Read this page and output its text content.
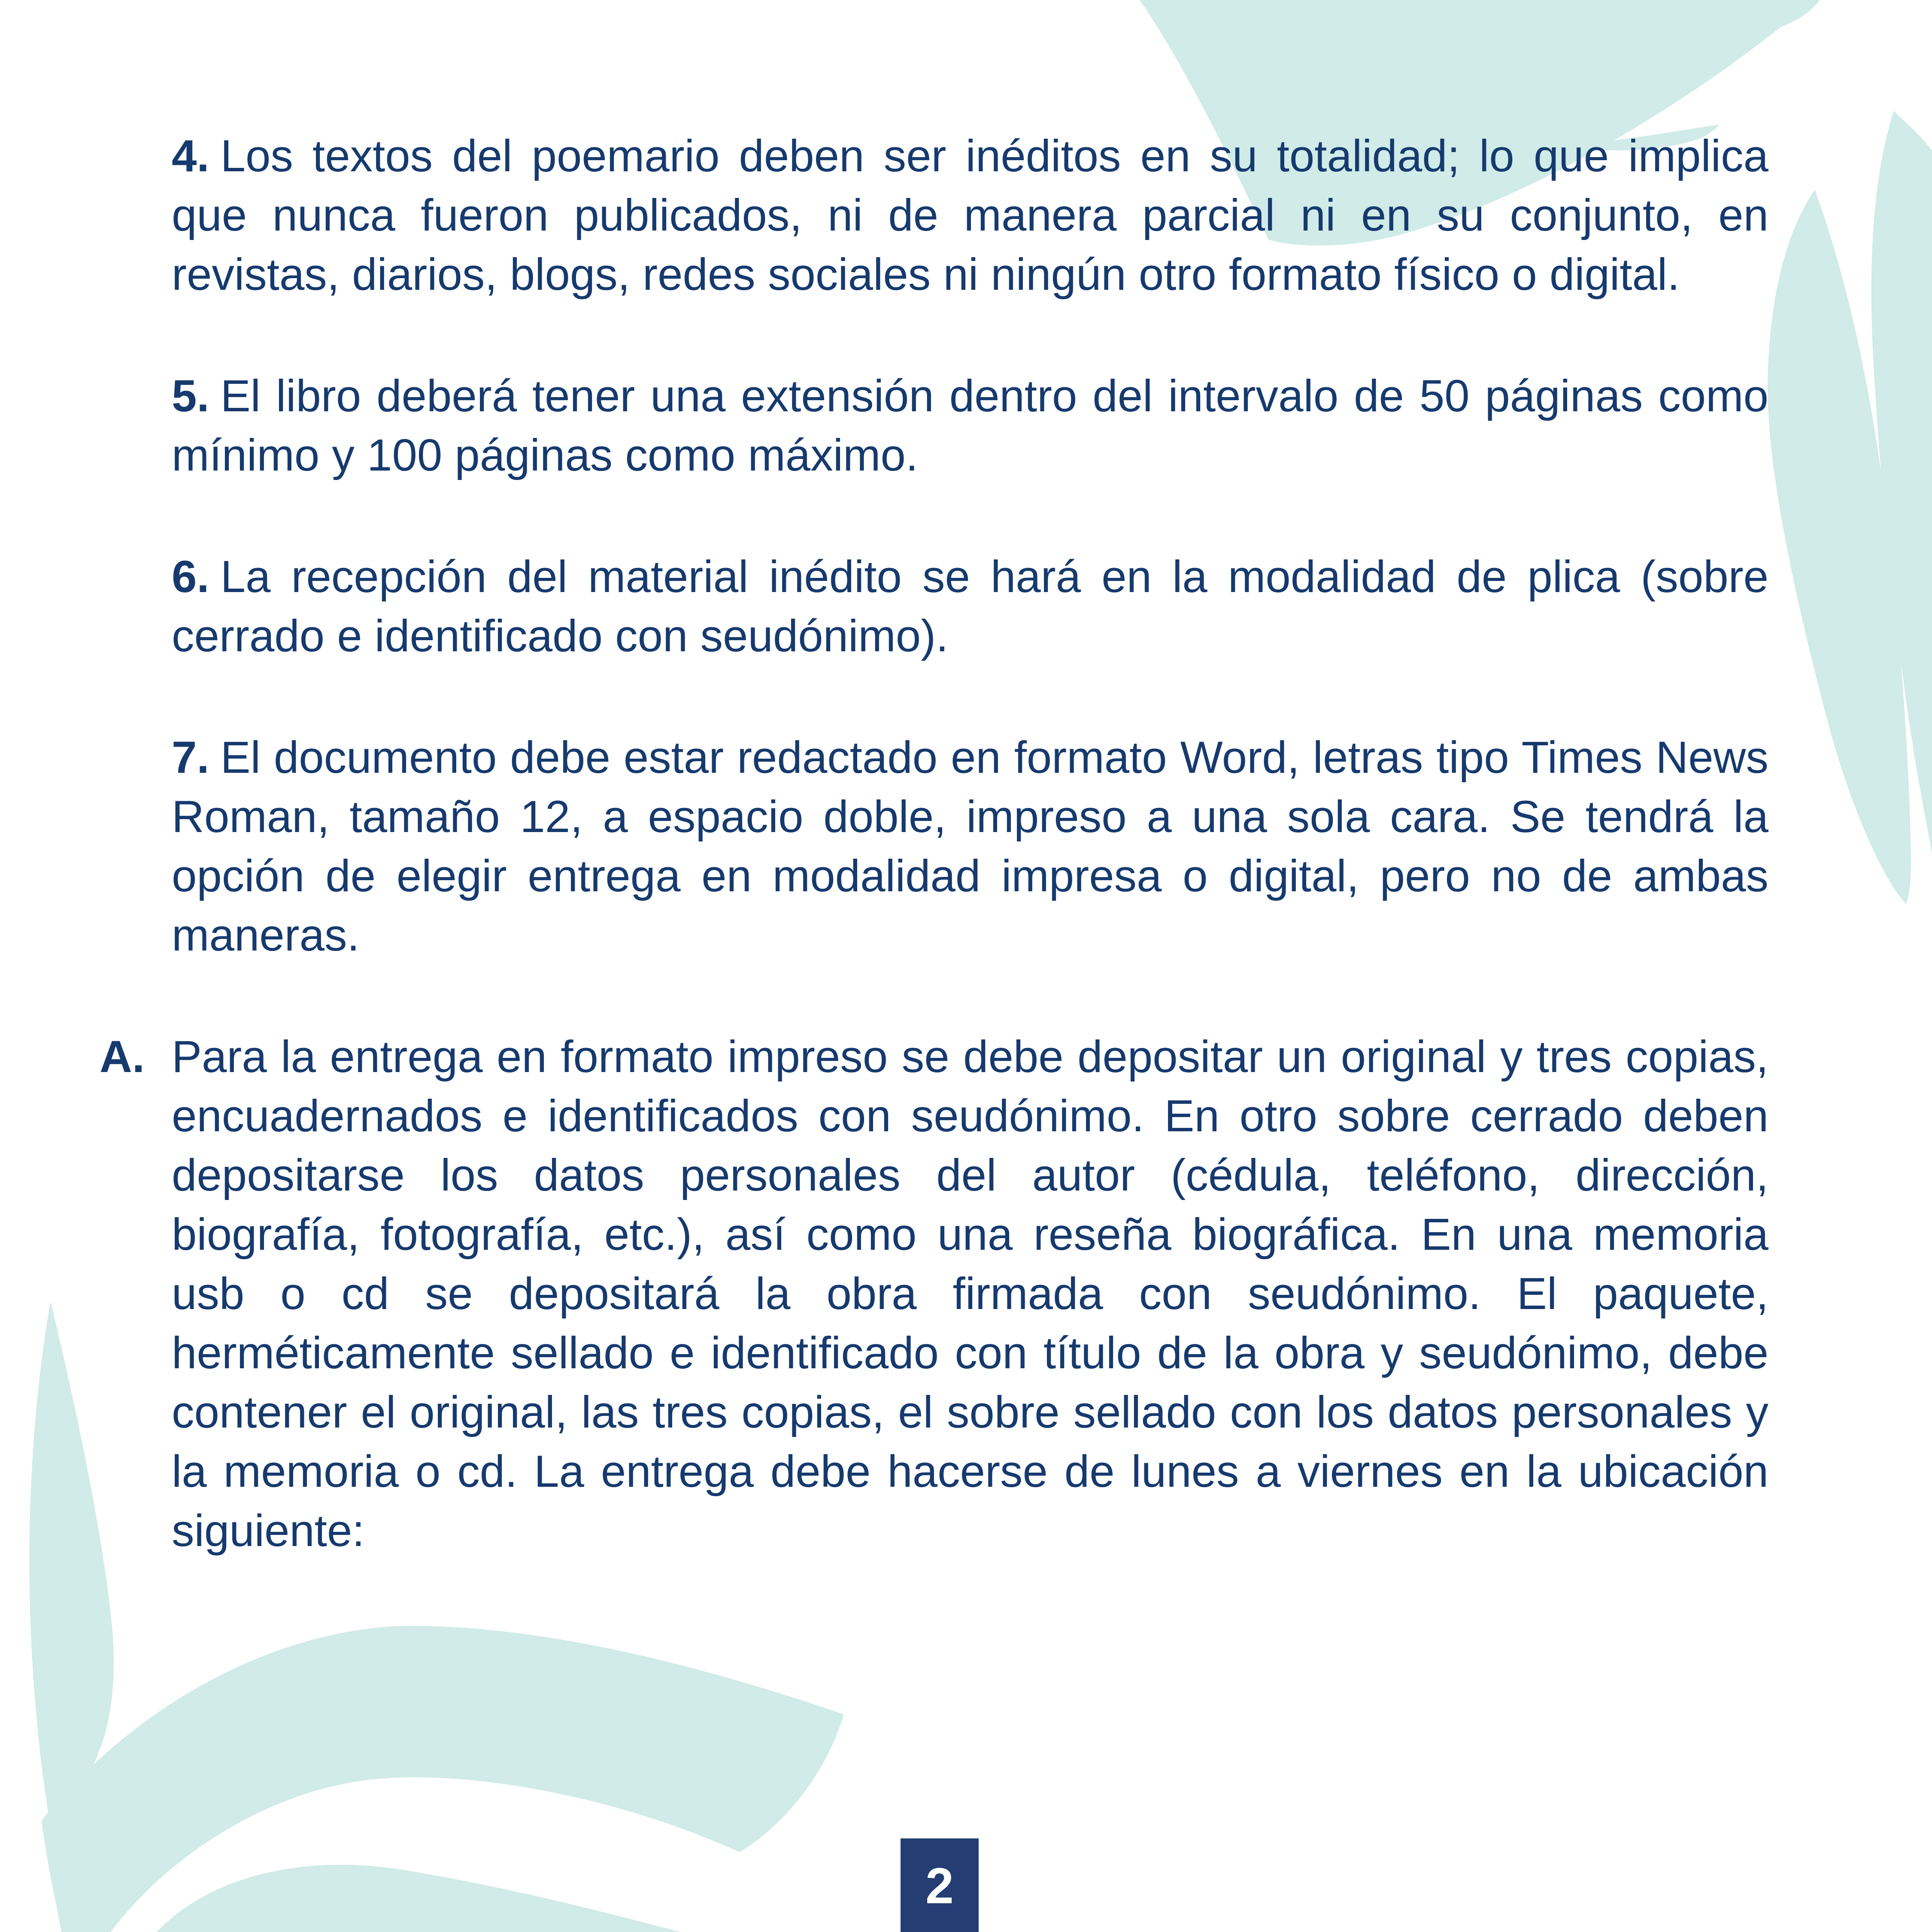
4. Los textos del poemario deben ser inéditos en su totalidad; lo que implica que nunca fueron publicados, ni de manera parcial ni en su conjunto, en revistas, diarios, blogs, redes sociales ni ningún otro formato físico o digital.

5. El libro deberá tener una extensión dentro del intervalo de 50 páginas como mínimo y 100 páginas como máximo.

6. La recepción del material inédito se hará en la modalidad de plica (sobre cerrado e identificado con seudónimo).

7. El documento debe estar redactado en formato Word, letras tipo Times News Roman, tamaño 12, a espacio doble, impreso a una sola cara. Se tendrá la opción de elegir entrega en modalidad impresa o digital, pero no de ambas maneras.

A. Para la entrega en formato impreso se debe depositar un original y tres copias, encuadernados e identificados con seudónimo. En otro sobre cerrado deben depositarse los datos personales del autor (cédula, teléfono, dirección, biografía, fotografía, etc.), así como una reseña biográfica. En una memoria usb o cd se depositará la obra firmada con seudónimo. El paquete, herméticamente sellado e identificado con título de la obra y seudónimo, debe contener el original, las tres copias, el sobre sellado con los datos personales y la memoria o cd. La entrega debe hacerse de lunes a viernes en la ubicación siguiente:

2
